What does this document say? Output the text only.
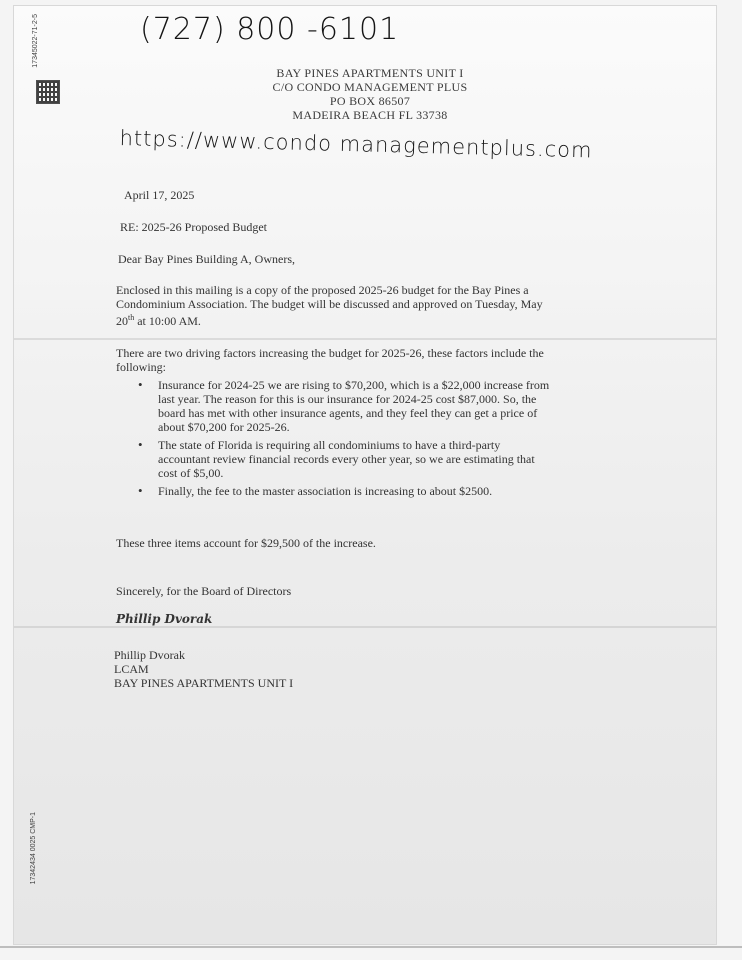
17345022-71-2-5
17342434 0025 CMP-1
(727) 800 -6101
BAY PINES APARTMENTS UNIT I
C/O CONDO MANAGEMENT PLUS
PO BOX 86507
MADEIRA BEACH FL 33738
https://www.condo managementplus.com
April 17, 2025
RE: 2025-26 Proposed Budget
Dear Bay Pines Building A, Owners,
Enclosed in this mailing is a copy of the proposed 2025-26 budget for the Bay Pines a
Condominium Association. The budget will be discussed and approved on Tuesday, May
20th at 10:00 AM.
There are two driving factors increasing the budget for 2025-26, these factors include the
following:
• Insurance for 2024-25 we are rising to $70,200, which is a $22,000 increase from
last year. The reason for this is our insurance for 2024-25 cost $87,000. So, the
board has met with other insurance agents, and they feel they can get a price of
about $70,200 for 2025-26.
• The state of Florida is requiring all condominiums to have a third-party
accountant review financial records every other year, so we are estimating that
cost of $5,00.
• Finally, the fee to the master association is increasing to about $2500.
These three items account for $29,500 of the increase.
Sincerely, for the Board of Directors
Phillip Dvorak
Phillip Dvorak
LCAM
BAY PINES APARTMENTS UNIT I
